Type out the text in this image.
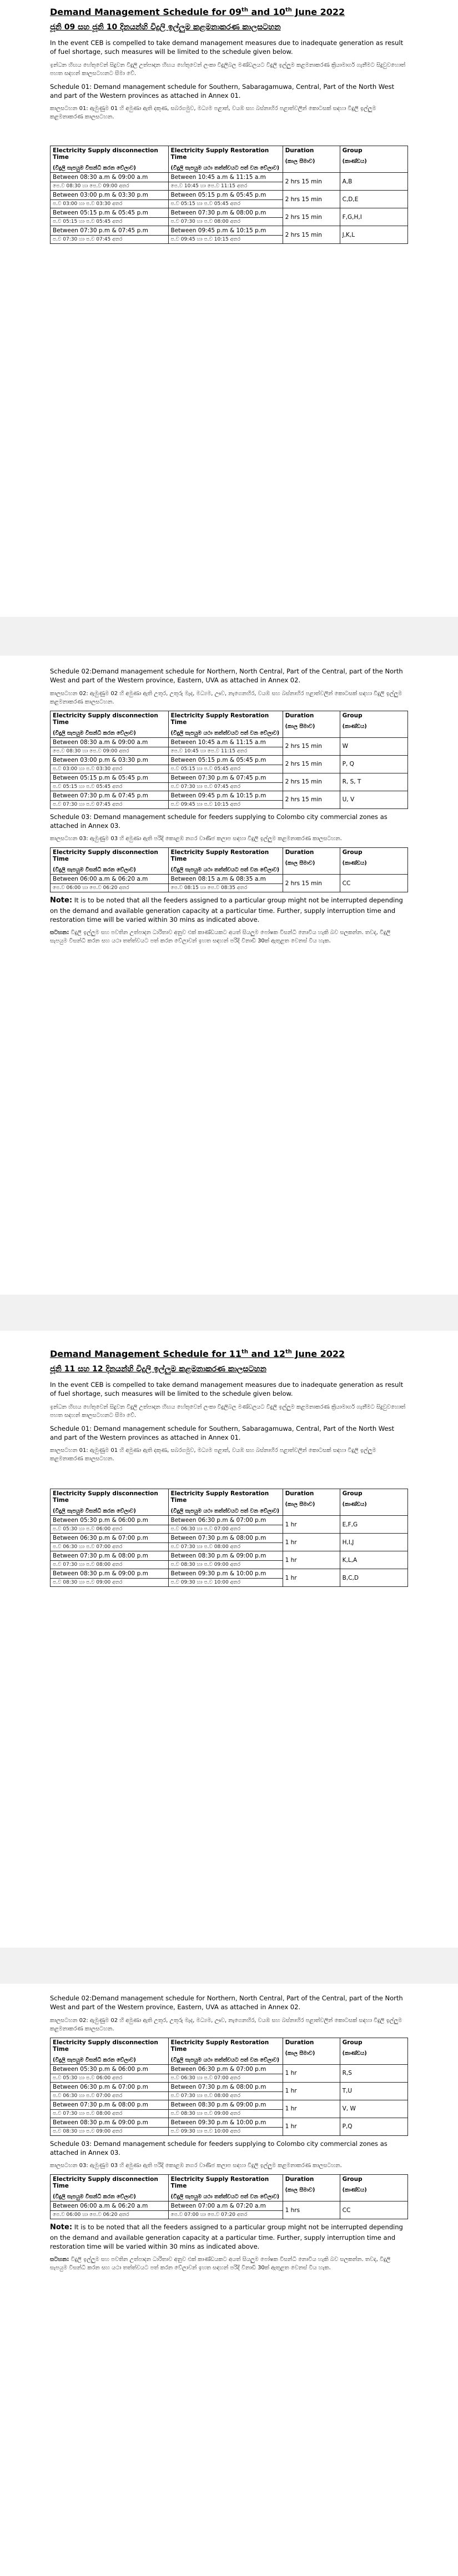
Demand Management Schedule for 09th and 10th June 2022
ජූනි 09 සහ ජූනි 10 දිනයන්හි විදුලි ඉල්ලුම කළමනාකරණ කාලසටහන

In the event CEB is compelled to take demand management measures due to inadequate generation as result of fuel shortage, such measures will be limited to the schedule given below.

ඉන්ධන හිඟය හේතුවෙන් සිදුවන විදුලි උත්පාදන හිඟය හේතුවෙන් ලංකා විදුලිබල මණ්ඩලයට විදුලි ඉල්ලුම කළමනාකරණ ක්‍රියාමාර්ග ගැනීමට සිදුවුවහොත් පහත සඳහන් කාලසටහනට සීමා වේ.

Schedule 01: Demand management schedule for Southern, Sabaragamuwa, Central, Part of the North West and part of the Western provinces as attached in Annex 01.

කාලසටහන 01: ඇමුණුම 01 හි අමුණා ඇති දකුණ, සබරගමුව, මධ්‍යම පළාත්, වයඹ සහ බස්නාහිර පළාත්වලින් කොටසක් සඳහා විදුලි ඉල්ලුම කළමනාකරණ කාලසටහන.

Electricity Supply disconnection Time
(විදුලි සැපයුම විසන්ධි කරන වේලාව)	Electricity Supply Restoration Time
(විදුලි සැපයුම යථා තත්ත්වයට පත් වන වේලාව)	Duration
(කාල සීමාව)	Group
(කාණ්ඩය)

Between 08:30 a.m & 09:00 a.m	Between 10:45 a.m & 11:15 a.m	2 hrs 15 min	A,B
පෙ.ව 08:30 හා පෙ.ව 09:00 අතර	පෙ.ව 10:45 හා පෙ.ව 11:15 අතර		
Between 03:00 p.m & 03:30 p.m	Between 05:15 p.m & 05:45 p.m	2 hrs 15 min	C,D,E
ප.ව 03:00 හා ප.ව 03:30 අතර	ප.ව 05:15 හා ප.ව 05:45 අතර		
Between 05:15 p.m & 05:45 p.m	Between 07:30 p.m & 08:00 p.m	2 hrs 15 min	F,G,H,I
ප.ව 05:15 හා ප.ව 05:45 අතර	ප.ව 07:30 හා ප.ව 08:00 අතර		
Between 07:30 p.m & 07:45 p.m	Between 09:45 p.m & 10:15 p.m	2 hrs 15 min	J,K,L
ප.ව 07:30 හා ප.ව 07:45 අතර	ප.ව 09:45 හා ප.ව 10:15 අතර		

Schedule 02:Demand management schedule for Northern, North Central, Part of the Central, part of the North West and part of the Western province, Eastern, UVA as attached in Annex 02.

කාලසටහන 02: ඇමුණුම 02 හි අමුණා ඇති උතුර, උතුරු මැද, මධ්‍යම, ඌව, නැගෙනහිර, වයඹ සහ බස්නාහිර පළාත්වලින් කොටසක් සඳහා විදුලි ඉල්ලුම කළමනාකරණ කාලසටහන.

Electricity Supply disconnection Time
(විදුලි සැපයුම විසන්ධි කරන වේලාව)	Electricity Supply Restoration Time
(විදුලි සැපයුම යථා තත්ත්වයට පත් වන වේලාව)	Duration
(කාල සීමාව)	Group
(කාණ්ඩය)

Between 08:30 a.m & 09:00 a.m	Between 10:45 a.m & 11:15 a.m	2 hrs 15 min	W
පෙ.ව 08:30 හා පෙ.ව 09:00 අතර	පෙ.ව 10:45 හා පෙ.ව 11:15 අතර		
Between 03:00 p.m & 03:30 p.m	Between 05:15 p.m & 05:45 p.m	2 hrs 15 min	P, Q
ප.ව 03:00 හා ප.ව 03:30 අතර	ප.ව 05:15 හා ප.ව 05:45 අතර		
Between 05:15 p.m & 05:45 p.m	Between 07:30 p.m & 07:45 p.m	2 hrs 15 min	R, S, T
ප.ව 05:15 හා ප.ව 05:45 අතර	ප.ව 07:30 හා ප.ව 07:45 අතර		
Between 07:30 p.m & 07:45 p.m	Between 09:45 p.m & 10:15 p.m	2 hrs 15 min	U, V
ප.ව 07:30 හා ප.ව 07:45 අතර	ප.ව 09:45 හා ප.ව 10:15 අතර		

Schedule 03: Demand management schedule for feeders supplying to Colombo city commercial zones as attached in Annex 03.

කාලසටහන 03: ඇමුණුම 03 හි අමුණා ඇති පරිදි කොළඹ නගර වාණිජ කලාප සඳහා විදුලි ඉල්ලුම කළමනාකරණ කාලසටහන.

Electricity Supply disconnection Time
(විදුලි සැපයුම විසන්ධි කරන වේලාව)	Electricity Supply Restoration Time
(විදුලි සැපයුම යථා තත්ත්වයට පත් වන වේලාව)	Duration
(කාල සීමාව)	Group
(කාණ්ඩය)

Between 06:00 a.m & 06:20 a.m	Between 08:15 a.m & 08:35 a.m	2 hrs 15 min	CC
පෙ.ව 06:00 හා පෙ.ව 06:20 අතර	පෙ.ව 08:15 හා පෙ.ව 08:35 අතර		

Note: It is to be noted that all the feeders assigned to a particular group might not be interrupted depending on the demand and available generation capacity at a particular time. Further, supply interruption time and restoration time will be varied within 30 mins as indicated above.

සටහන: විදුලි ඉල්ලුම සහ පවතින උත්පාදන ධාරිතාව අනුව එක් කාණ්ඩයකට අයත් සියලුම පෝෂක විසන්ධි නොවිය හැකි බව සලකන්න. තවද, විදුලි සැපයුම විසන්ධි කරන සහ යථා තත්ත්වයට පත් කරන වේලාවන් ඉහත සඳහන් පරිදි විනාඩි 30ක් ඇතුළත වෙනස් විය හැක.

Demand Management Schedule for 11th and 12th June 2022
ජූනි 11 සහ 12 දිනයන්හි විදුලි ඉල්ලුම කළමනාකරණ කාලසටහන

In the event CEB is compelled to take demand management measures due to inadequate generation as result of fuel shortage, such measures will be limited to the schedule given below.

ඉන්ධන හිඟය හේතුවෙන් සිදුවන විදුලි උත්පාදන හිඟය හේතුවෙන් ලංකා විදුලිබල මණ්ඩලයට විදුලි ඉල්ලුම කළමනාකරණ ක්‍රියාමාර්ග ගැනීමට සිදුවුවහොත් පහත සඳහන් කාලසටහනට සීමා වේ.

Schedule 01: Demand management schedule for Southern, Sabaragamuwa, Central, Part of the North West and part of the Western provinces as attached in Annex 01.

කාලසටහන 01: ඇමුණුම 01 හි අමුණා ඇති දකුණ, සබරගමුව, මධ්‍යම පළාත්, වයඹ සහ බස්නාහිර පළාත්වලින් කොටසක් සඳහා විදුලි ඉල්ලුම කළමනාකරණ කාලසටහන.

Electricity Supply disconnection Time
(විදුලි සැපයුම විසන්ධි කරන වේලාව)	Electricity Supply Restoration Time
(විදුලි සැපයුම යථා තත්ත්වයට පත් වන වේලාව)	Duration
(කාල සීමාව)	Group
(කාණ්ඩය)

Between 05:30 p.m & 06:00 p.m	Between 06:30 p.m & 07:00 p.m	1 hr	E,F,G
ප.ව 05:30 හා ප.ව 06:00 අතර	ප.ව 06:30 හා ප.ව 07:00 අතර		
Between 06:30 p.m & 07:00 p.m	Between 07:30 p.m & 08:00 p.m	1 hr	H,I,J
ප.ව 06:30 හා ප.ව 07:00 අතර	ප.ව 07:30 හා ප.ව 08:00 අතර		
Between 07:30 p.m & 08:00 p.m	Between 08:30 p.m & 09:00 p.m	1 hr	K,L,A
ප.ව 07:30 හා ප.ව 08:00 අතර	ප.ව 08:30 හා ප.ව 09:00 අතර		
Between 08:30 p.m & 09:00 p.m	Between 09:30 p.m & 10:00 p.m	1 hr	B,C,D
ප.ව 08:30 හා ප.ව 09:00 අතර	ප.ව 09:30 හා ප.ව 10:00 අතර		

Schedule 02:Demand management schedule for Northern, North Central, Part of the Central, part of the North West and part of the Western province, Eastern, UVA as attached in Annex 02.

කාලසටහන 02: ඇමුණුම 02 හි අමුණා ඇති උතුර, උතුරු මැද, මධ්‍යම, ඌව, නැගෙනහිර, වයඹ සහ බස්නාහිර පළාත්වලින් කොටසක් සඳහා විදුලි ඉල්ලුම කළමනාකරණ කාලසටහන.

Electricity Supply disconnection Time
(විදුලි සැපයුම විසන්ධි කරන වේලාව)	Electricity Supply Restoration Time
(විදුලි සැපයුම යථා තත්ත්වයට පත් වන වේලාව)	Duration
(කාල සීමාව)	Group
(කාණ්ඩය)

Between 05:30 p.m & 06:00 p.m	Between 06:30 p.m & 07:00 p.m	1 hr	R,S
ප.ව 05:30 හා ප.ව 06:00 අතර	ප.ව 06:30 හා ප.ව 07:00 අතර		
Between 06:30 p.m & 07:00 p.m	Between 07:30 p.m & 08:00 p.m	1 hr	T,U
ප.ව 06:30 හා ප.ව 07:00 අතර	ප.ව 07:30 හා ප.ව 08:00 අතර		
Between 07:30 p.m & 08:00 p.m	Between 08:30 p.m & 09:00 p.m	1 hr	V, W
ප.ව 07:30 හා ප.ව 08:00 අතර	ප.ව 08:30 හා ප.ව 09:00 අතර		
Between 08:30 p.m & 09:00 p.m	Between 09:30 p.m & 10:00 p.m	1 hr	P,Q
ප.ව 08:30 හා ප.ව 09:00 අතර	ප.ව 09:30 හා ප.ව 10:00 අතර		

Schedule 03: Demand management schedule for feeders supplying to Colombo city commercial zones as attached in Annex 03.

කාලසටහන 03: ඇමුණුම 03 හි අමුණා ඇති පරිදි කොළඹ නගර වාණිජ කලාප සඳහා විදුලි ඉල්ලුම කළමනාකරණ කාලසටහන.

Electricity Supply disconnection Time
(විදුලි සැපයුම විසන්ධි කරන වේලාව)	Electricity Supply Restoration Time
(විදුලි සැපයුම යථා තත්ත්වයට පත් වන වේලාව)	Duration
(කාල සීමාව)	Group
(කාණ්ඩය)

Between 06:00 a.m & 06:20 a.m	Between 07:00 a.m & 07:20 a.m	1 hrs	CC
පෙ.ව 06:00 හා පෙ.ව 06:20 අතර	පෙ.ව 07:00 හා පෙ.ව 07:20 අතර		

Note: It is to be noted that all the feeders assigned to a particular group might not be interrupted depending on the demand and available generation capacity at a particular time. Further, supply interruption time and restoration time will be varied within 30 mins as indicated above.

සටහන: විදුලි ඉල්ලුම සහ පවතින උත්පාදන ධාරිතාව අනුව එක් කාණ්ඩයකට අයත් සියලුම පෝෂක විසන්ධි නොවිය හැකි බව සලකන්න. තවද, විදුලි සැපයුම විසන්ධි කරන සහ යථා තත්ත්වයට පත් කරන වේලාවන් ඉහත සඳහන් පරිදි විනාඩි 30ක් ඇතුළත වෙනස් විය හැක.
